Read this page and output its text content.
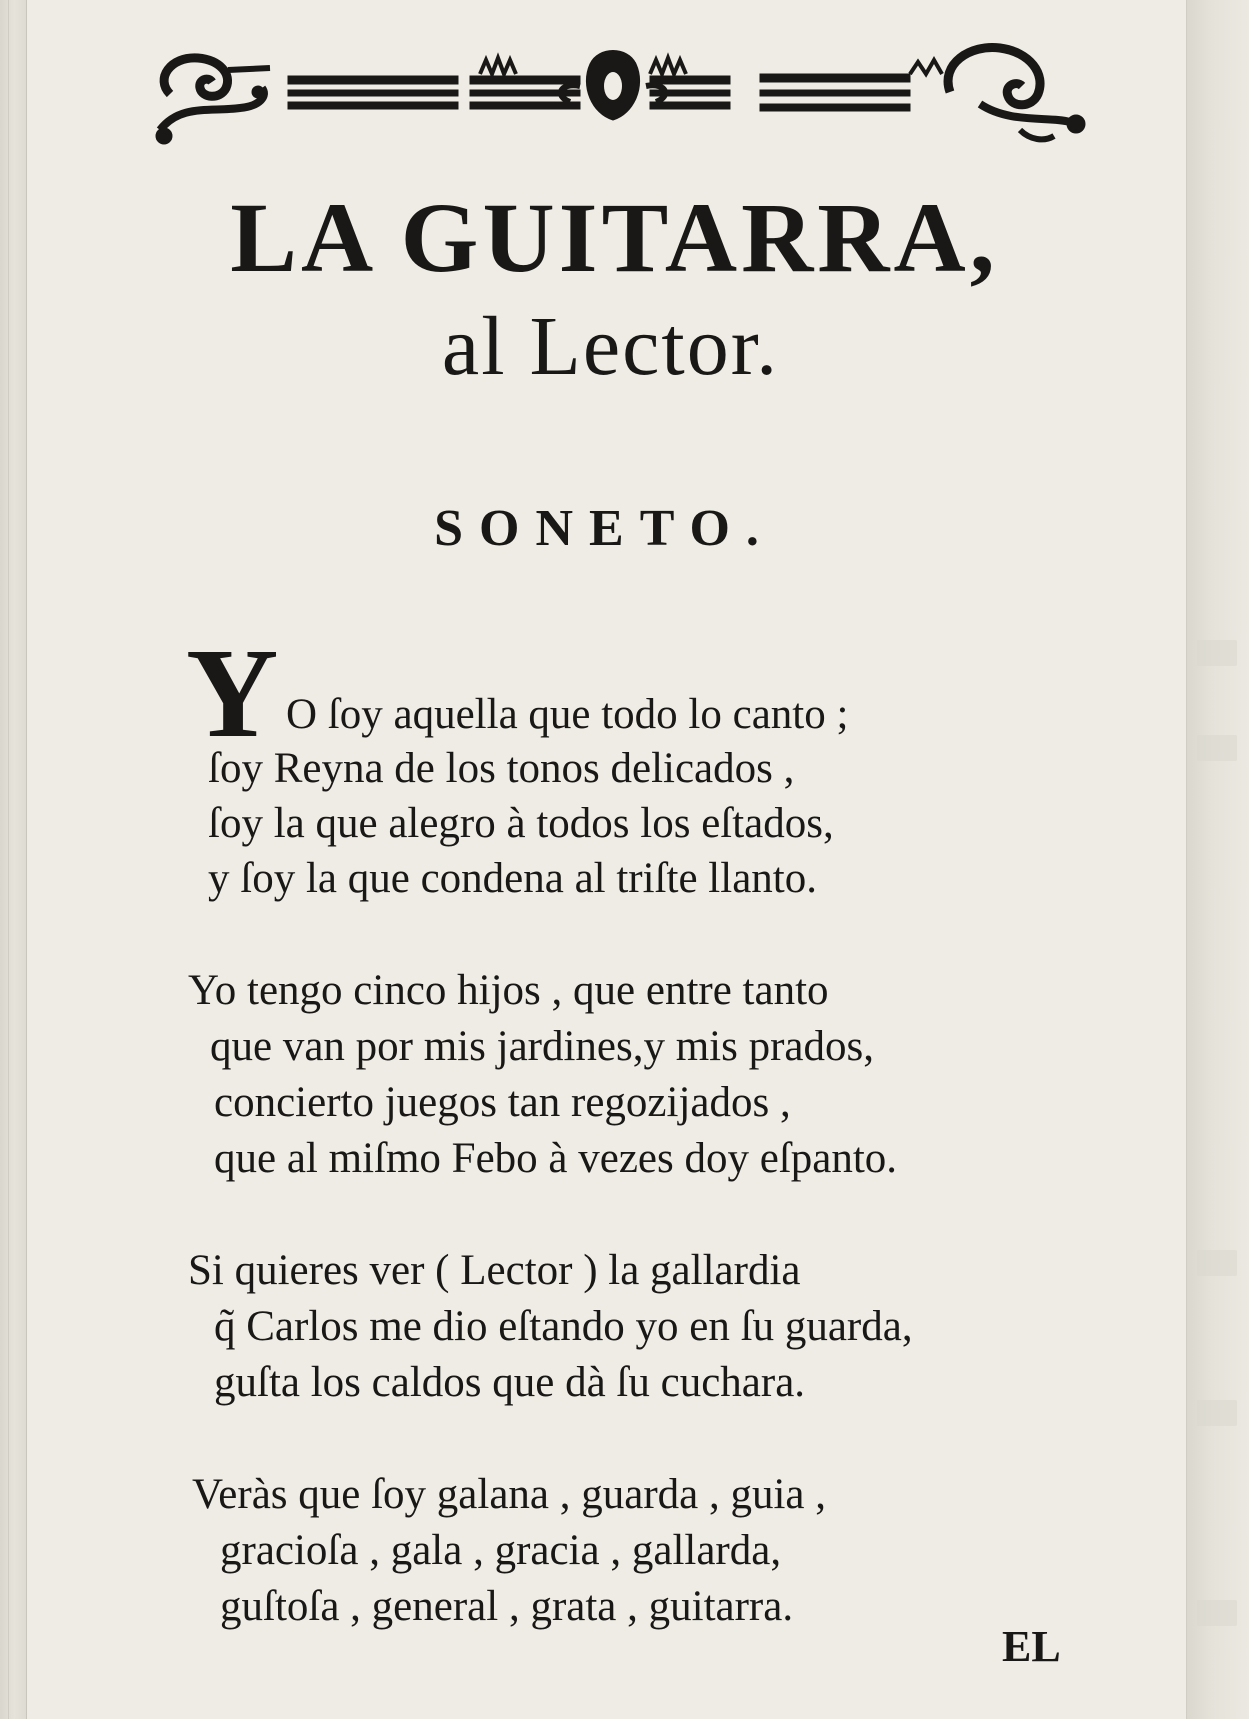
LA GUITARRA,
al Lector.
SONETO.
Y O ſoy aquella que todo lo canto ;
ſoy Reyna de los tonos delicados ,
ſoy la que alegro à todos los eſtados,
y ſoy la que condena al triſte llanto.
Yo tengo cinco hijos , que entre tanto
que van por mis jardines,y mis prados,
concierto juegos tan regozijados ,
que al miſmo Febo à vezes doy eſpanto.
Si quieres ver ( Lector ) la gallardia
q̃ Carlos me dio eſtando yo en ſu guarda,
guſta los caldos que dà ſu cuchara.
Veràs que ſoy galana , guarda , guia ,
gracioſa , gala , gracia , gallarda,
guſtoſa , general , grata , guitarra.
EL
